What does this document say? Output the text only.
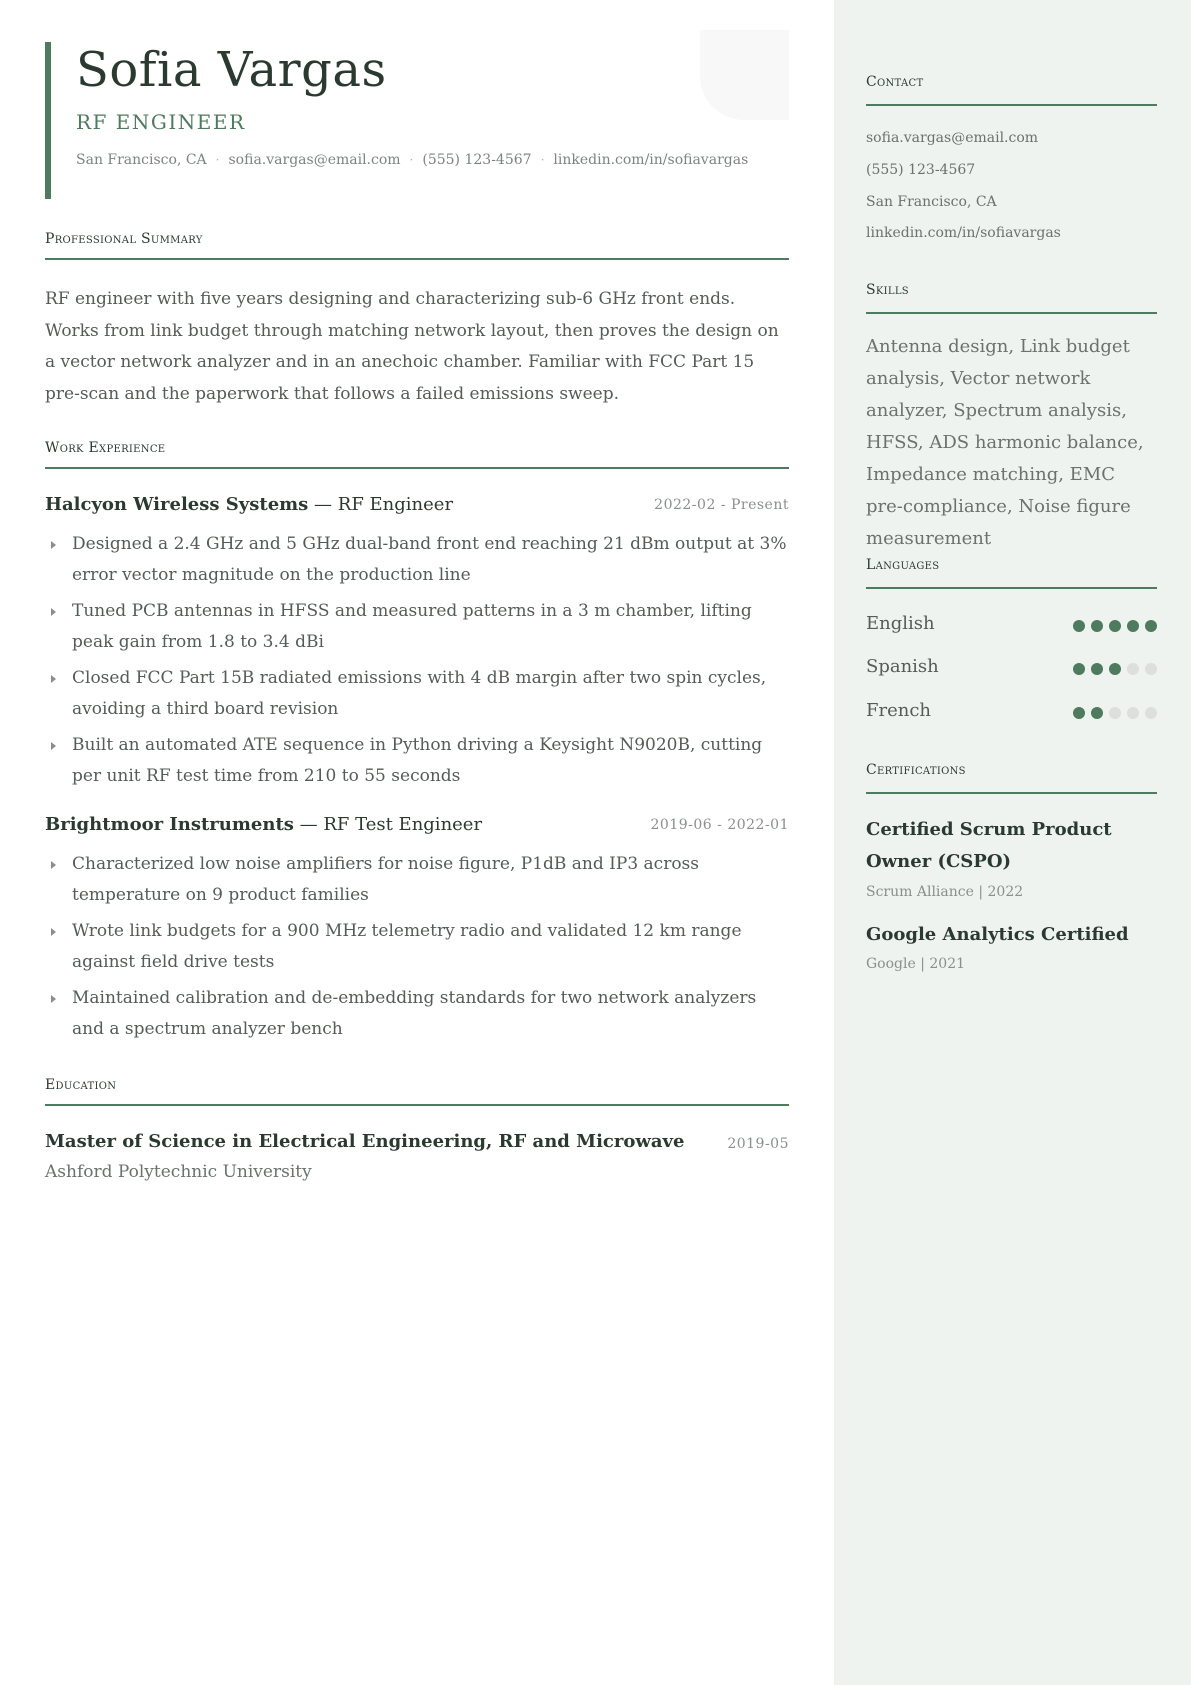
Sofia Vargas
RF ENGINEER
San Francisco, CA · sofia.vargas@email.com · (555) 123-4567 · linkedin.com/in/sofiavargas
Professional Summary

RF engineer with five years designing and characterizing sub-6 GHz front ends. Works from link budget through matching network layout, then proves the design on a vector network analyzer and in an anechoic chamber. Familiar with FCC Part 15 pre-scan and the paperwork that follows a failed emissions sweep.

Work Experience
Halcyon Wireless Systems — RF Engineer	2022-02 - Present
Designed a 2.4 GHz and 5 GHz dual-band front end reaching 21 dBm output at 3% error vector magnitude on the production line
Tuned PCB antennas in HFSS and measured patterns in a 3 m chamber, lifting peak gain from 1.8 to 3.4 dBi
Closed FCC Part 15B radiated emissions with 4 dB margin after two spin cycles, avoiding a third board revision
Built an automated ATE sequence in Python driving a Keysight N9020B, cutting per unit RF test time from 210 to 55 seconds
Brightmoor Instruments — RF Test Engineer	2019-06 - 2022-01
Characterized low noise amplifiers for noise figure, P1dB and IP3 across temperature on 9 product families
Wrote link budgets for a 900 MHz telemetry radio and validated 12 km range against field drive tests
Maintained calibration and de-embedding standards for two network analyzers and a spectrum analyzer bench
Education
Master of Science in Electrical Engineering, RF and Microwave	2019-05
Ashford Polytechnic University
Contact
sofia.vargas@email.com
(555) 123-4567
San Francisco, CA
linkedin.com/in/sofiavargas
Skills

Antenna design, Link budget analysis, Vector network analyzer, Spectrum analysis, HFSS, ADS harmonic balance, Impedance matching, EMC pre-compliance, Noise figure measurement

Languages
English
Spanish
French
Certifications
Certified Scrum Product Owner (CSPO)
Scrum Alliance | 2022
Google Analytics Certified
Google | 2021
